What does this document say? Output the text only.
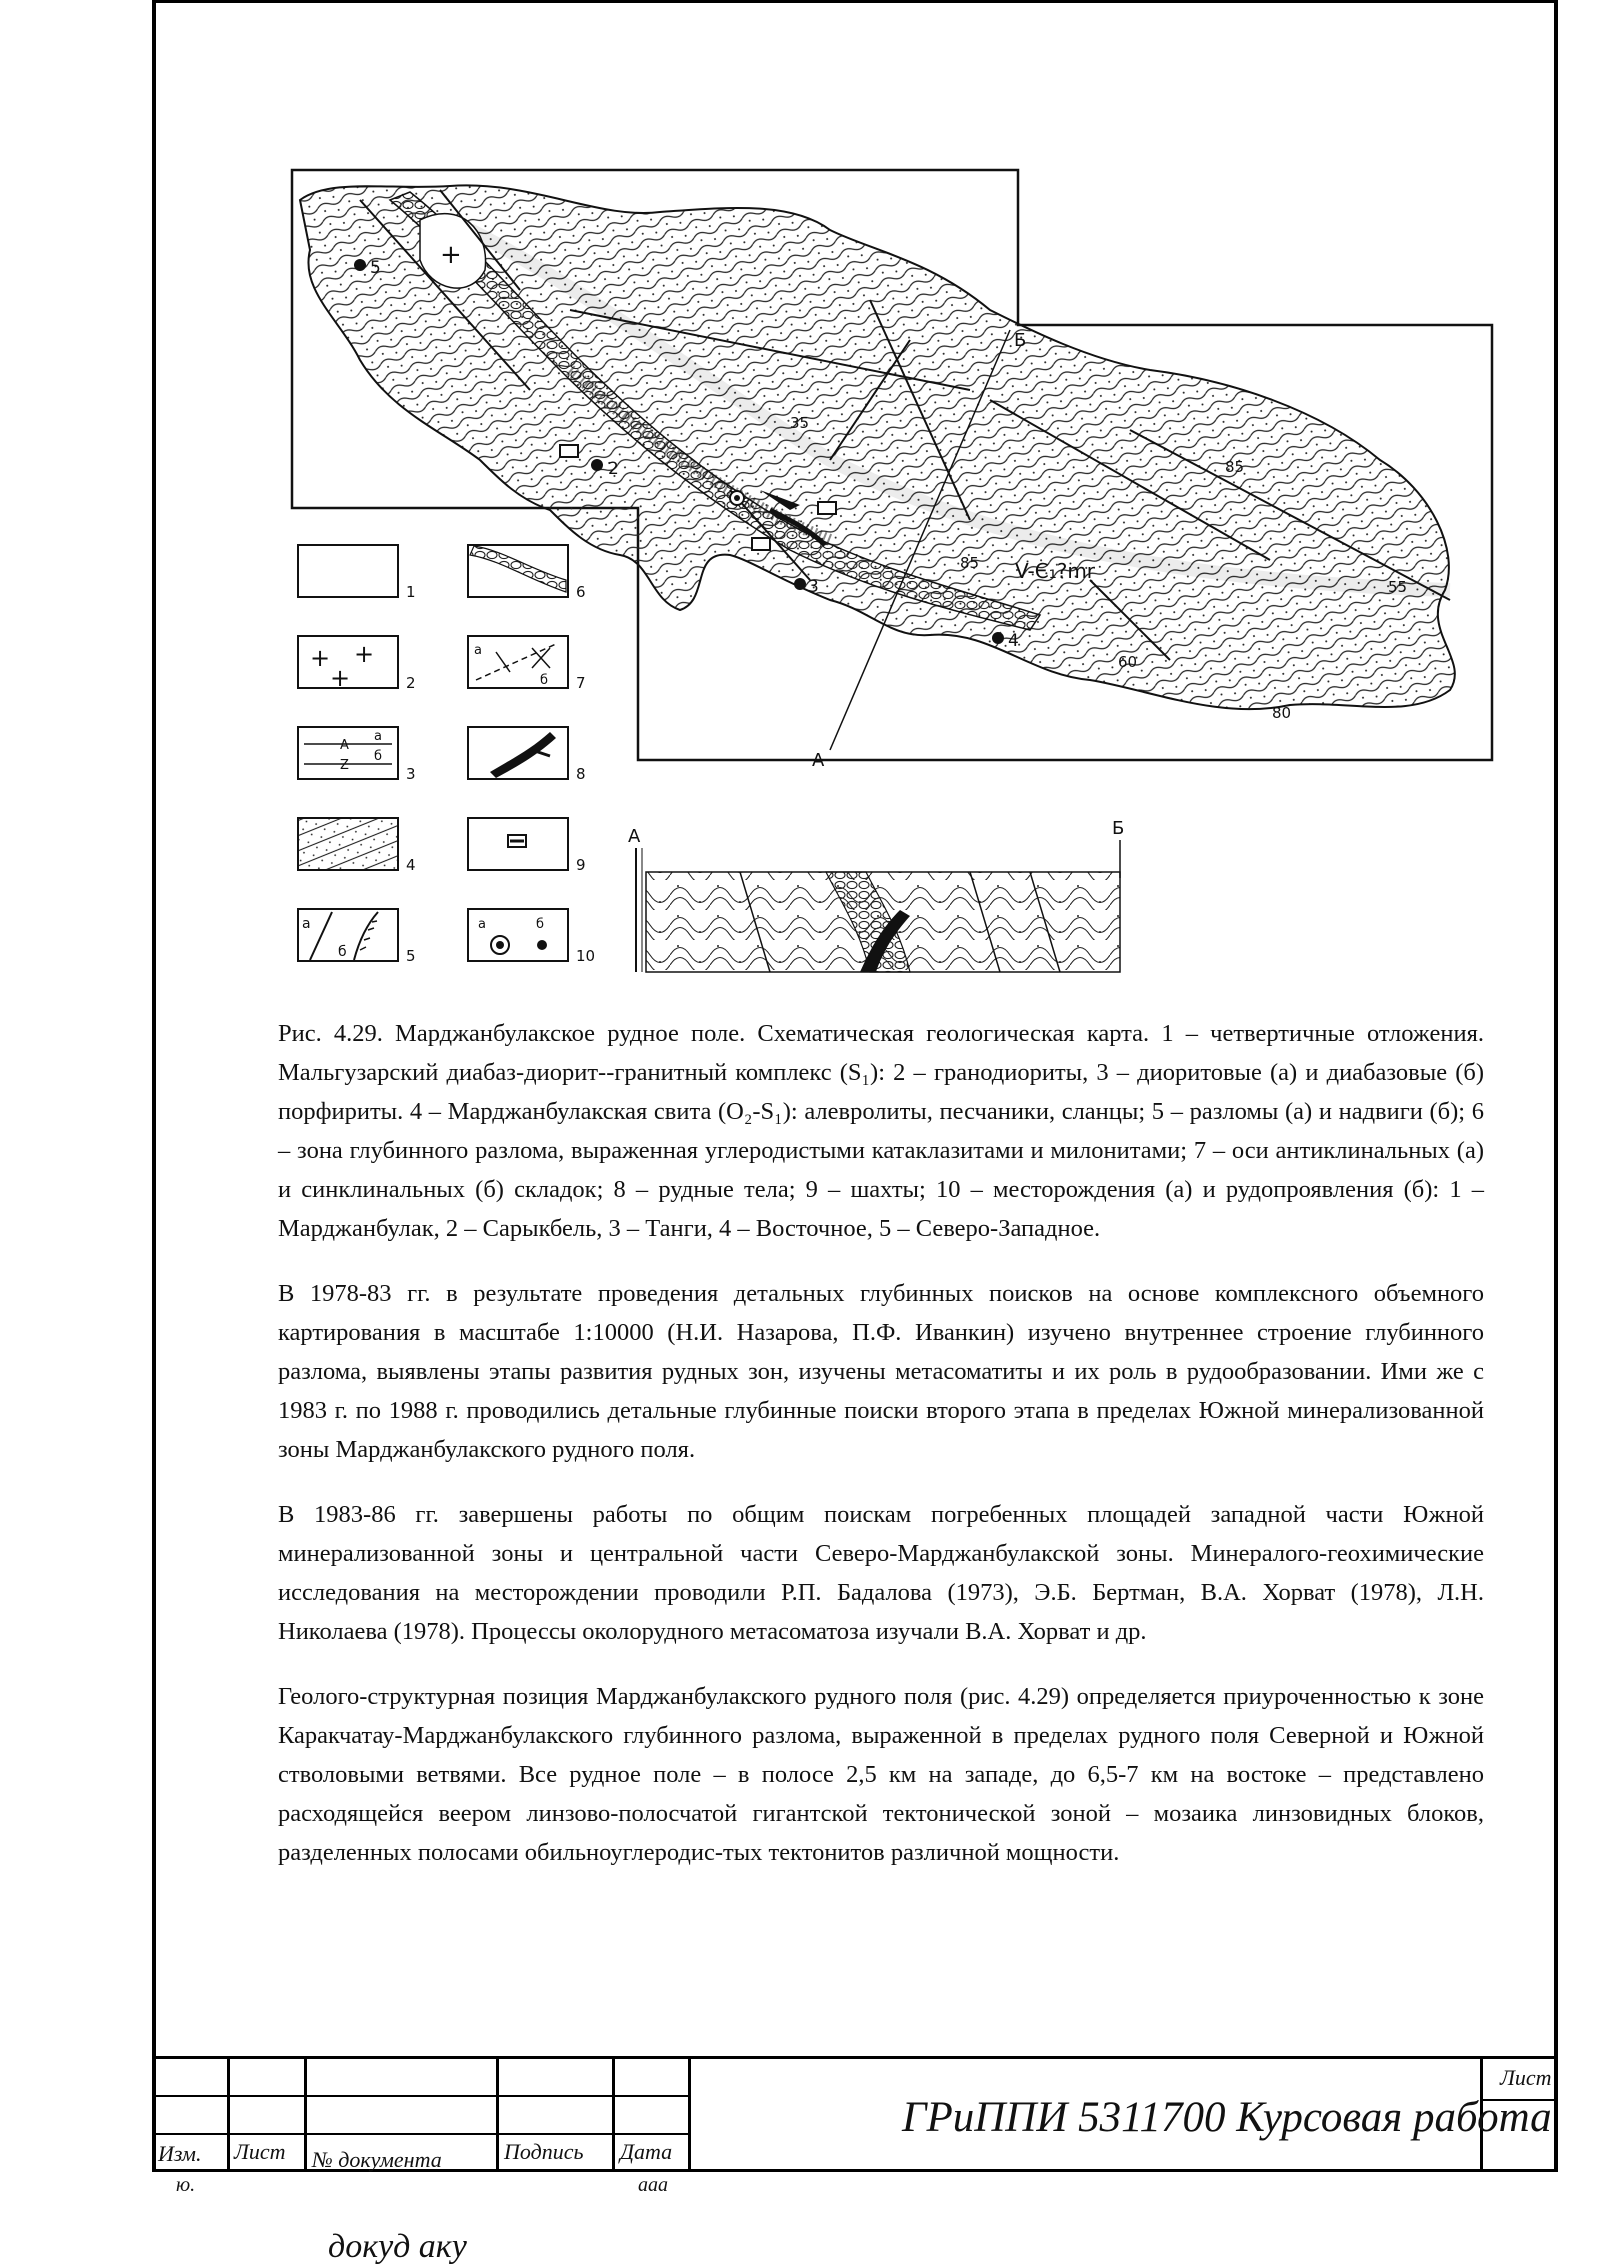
+
5
2
3
4
35
85
85
55
60
80
V-Є₁?mr
А
Б
1
+ +
+	2
A
Z
а
б
3
4
а
б	5
6
а
б 7
8
9
а	б
10
А	Б

Рис. 4.29. Марджанбулакское рудное поле. Схематическая геологическая карта. 1 – четвертичные отложения. Мальгузарский диабаз-диорит--гранитный комплекс (S₁): 2 – гранодиориты, 3 – диоритовые (а) и диабазовые (б) порфириты. 4 – Марджанбулакская свита (O₂-S₁): алевролиты, песчаники, сланцы; 5 – разломы (а) и надвиги (б); 6 – зона глубинного разлома, выраженная углеродистыми катаклазитами и милонитами; 7 – оси антиклинальных (а) и синклинальных (б) складок; 8 – рудные тела; 9 – шахты; 10 – месторождения (а) и рудопроявления (б): 1 – Марджанбулак, 2 – Сарыкбель, 3 – Танги, 4 – Восточное, 5 – Северо-Западное.

В 1978-83 гг. в результате проведения детальных глубинных поисков на основе комплексного объемного картирования в масштабе 1:10000 (Н.И. Назарова, П.Ф. Иванкин) изучено внутреннее строение глубинного разлома, выявлены этапы развития рудных зон, изучены метасоматиты и их роль в рудообразовании. Ими же с 1983 г. по 1988 г. проводились детальные глубинные поиски второго этапа в пределах Южной минерализованной зоны Марджанбулакского рудного поля.

В 1983-86 гг. завершены работы по общим поискам погребенных площадей западной части Южной минерализованной зоны и центральной части Северо-Марджанбулакской зоны. Минералого-геохимические исследования на месторождении проводили Р.П. Бадалова (1973), Э.Б. Бертман, В.А. Хорват (1978), Л.Н. Николаева (1978). Процессы околорудного метасоматоза изучали В.А. Хорват и др.

Геолого-структурная позиция Марджанбулакского рудного поля (рис. 4.29) определяется приуроченностью к зоне Каракчатау-Марджанбулакского глубинного разлома, выраженной в пределах рудного поля Северной и Южной стволовыми ветвями. Все рудное поле – в полосе 2,5 км на западе, до 6,5-7 км на востоке – представлено расходящейся веером линзово-полосчатой гигантской тектонической зоной – мозаика линзовидных блоков, разделенных полосами обильноуглеродис-тых тектонитов различной мощности.

Изм. Лист № документа	Подпись Дата
ГРиППИ 5311700 Курсовая работа
Лист
ю.	ааа
докуд аку
